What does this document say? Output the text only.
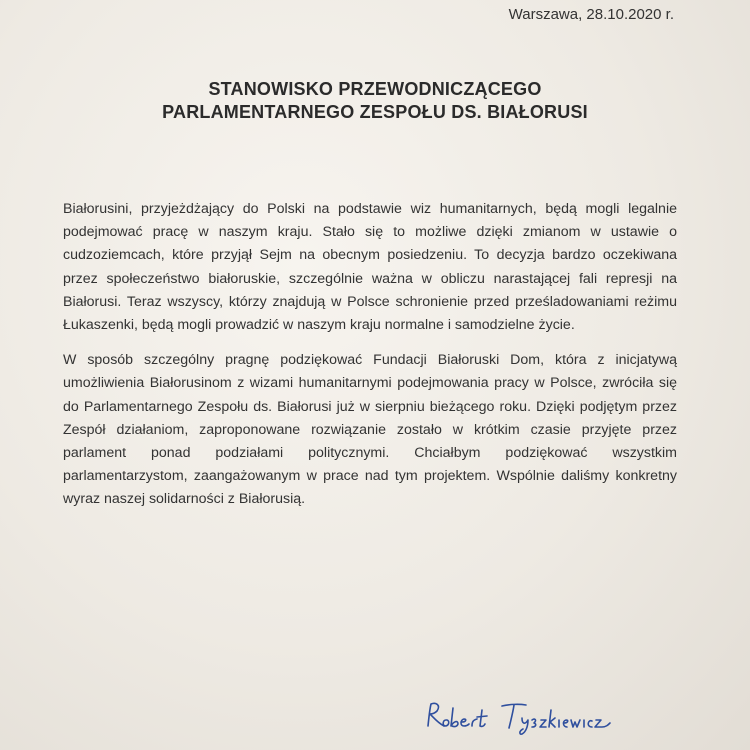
Warszawa, 28.10.2020 r.
STANOWISKO PRZEWODNICZĄCEGO
PARLAMENTARNEGO ZESPOŁU DS. BIAŁORUSI

Białorusini, przyjeżdżający do Polski na podstawie wiz humanitarnych, będą mogli legalnie podejmować pracę w naszym kraju. Stało się to możliwe dzięki zmianom w ustawie o cudzoziemcach, które przyjął Sejm na obecnym posiedzeniu. To decyzja bardzo oczekiwana przez społeczeństwo białoruskie, szczególnie ważna w obliczu narastającej fali represji na Białorusi. Teraz wszyscy, którzy znajdują w Polsce schronienie przed prześladowaniami reżimu Łukaszenki, będą mogli prowadzić w naszym kraju normalne i samodzielne życie.

W sposób szczególny pragnę podziękować Fundacji Białoruski Dom, która z inicjatywą umożliwienia Białorusinom z wizami humanitarnymi podejmowania pracy w Polsce, zwróciła się do Parlamentarnego Zespołu ds. Białorusi już w sierpniu bieżącego roku. Dzięki podjętym przez Zespół działaniom, zaproponowane rozwiązanie zostało w krótkim czasie przyjęte przez parlament ponad podziałami politycznymi. Chciałbym podziękować wszystkim parlamentarzystom, zaangażowanym w prace nad tym projektem. Wspólnie daliśmy konkretny wyraz naszej solidarności z Białorusią.
